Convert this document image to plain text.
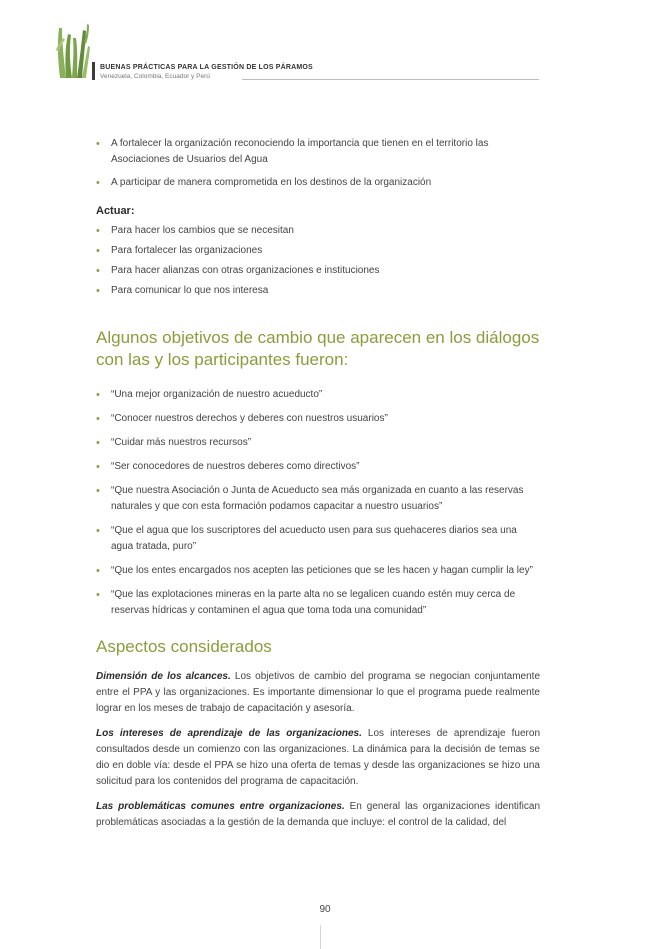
BUENAS PRÁCTICAS PARA LA GESTIÓN DE LOS PÁRAMOS
Venezuela, Colombia, Ecuador y Perú
• A fortalecer la organización reconociendo la importancia que tienen en el territorio las Asociaciones de Usuarios del Agua
• A participar de manera comprometida en los destinos de la organización
Actuar:
• Para hacer los cambios que se necesitan
• Para fortalecer las organizaciones
• Para hacer alianzas con otras organizaciones e instituciones
• Para comunicar lo que nos interesa
Algunos objetivos de cambio que aparecen en los diálogos con las y los participantes fueron:
• “Una mejor organización de nuestro acueducto”
• “Conocer nuestros derechos y deberes con nuestros usuarios”
• “Cuidar más nuestros recursos”
• “Ser conocedores de nuestros deberes como directivos”
• “Que nuestra Asociación o Junta de Acueducto sea más organizada en cuanto a las reservas naturales y que con esta formación podamos capacitar a nuestro usuarios”
• “Que el agua que los suscriptores del acueducto usen para sus quehaceres diarios sea una agua tratada, puro”
• “Que los entes encargados nos acepten las peticiones que se les hacen y hagan cumplir la ley”
• “Que las explotaciones mineras en la parte alta no se legalicen cuando estén muy cerca de reservas hídricas y contaminen el agua que toma toda una comunidad”
Aspectos considerados

Dimensión de los alcances. Los objetivos de cambio del programa se negocian conjuntamente entre el PPA y las organizaciones. Es importante dimensionar lo que el programa puede realmente lograr en los meses de trabajo de capacitación y asesoría.

Los intereses de aprendizaje de las organizaciones. Los intereses de aprendizaje fueron consultados desde un comienzo con las organizaciones. La dinámica para la decisión de temas se dio en doble vía: desde el PPA se hizo una oferta de temas y desde las organizaciones se hizo una solicitud para los contenidos del programa de capacitación.

Las problemáticas comunes entre organizaciones. En general las organizaciones identifican problemáticas asociadas a la gestión de la demanda que incluye: el control de la calidad, del

90
